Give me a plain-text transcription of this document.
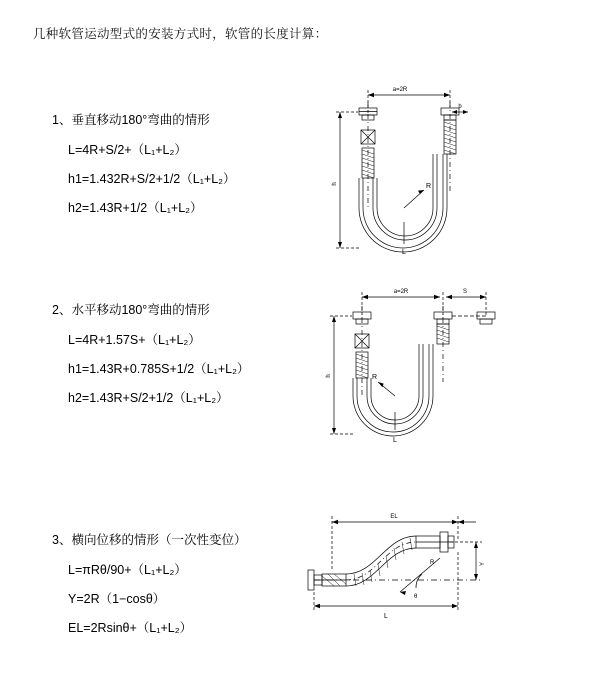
几种软管运动型式的安装方式时，软管的长度计算：

1、垂直移动180°弯曲的情形

L=4R+S/2+（L₁+L₂）

h1=1.432R+S/2+1/2（L₁+L₂）

h2=1.43R+1/2（L₁+L₂）

a=2R
b
h	R
L

2、水平移动180°弯曲的情形

L=4R+1.57S+（L₁+L₂）

h1=1.43R+0.785S+1/2（L₁+L₂）

h2=1.43R+S/2+1/2（L₁+L₂）

a=2R	S
h	R
L

3、横向位移的情形（一次性变位）

L=πRθ/90+（L₁+L₂）

Y=2R（1−cosθ）

EL=2Rsinθ+（L₁+L₂）

EL
Y
L
θ
R
